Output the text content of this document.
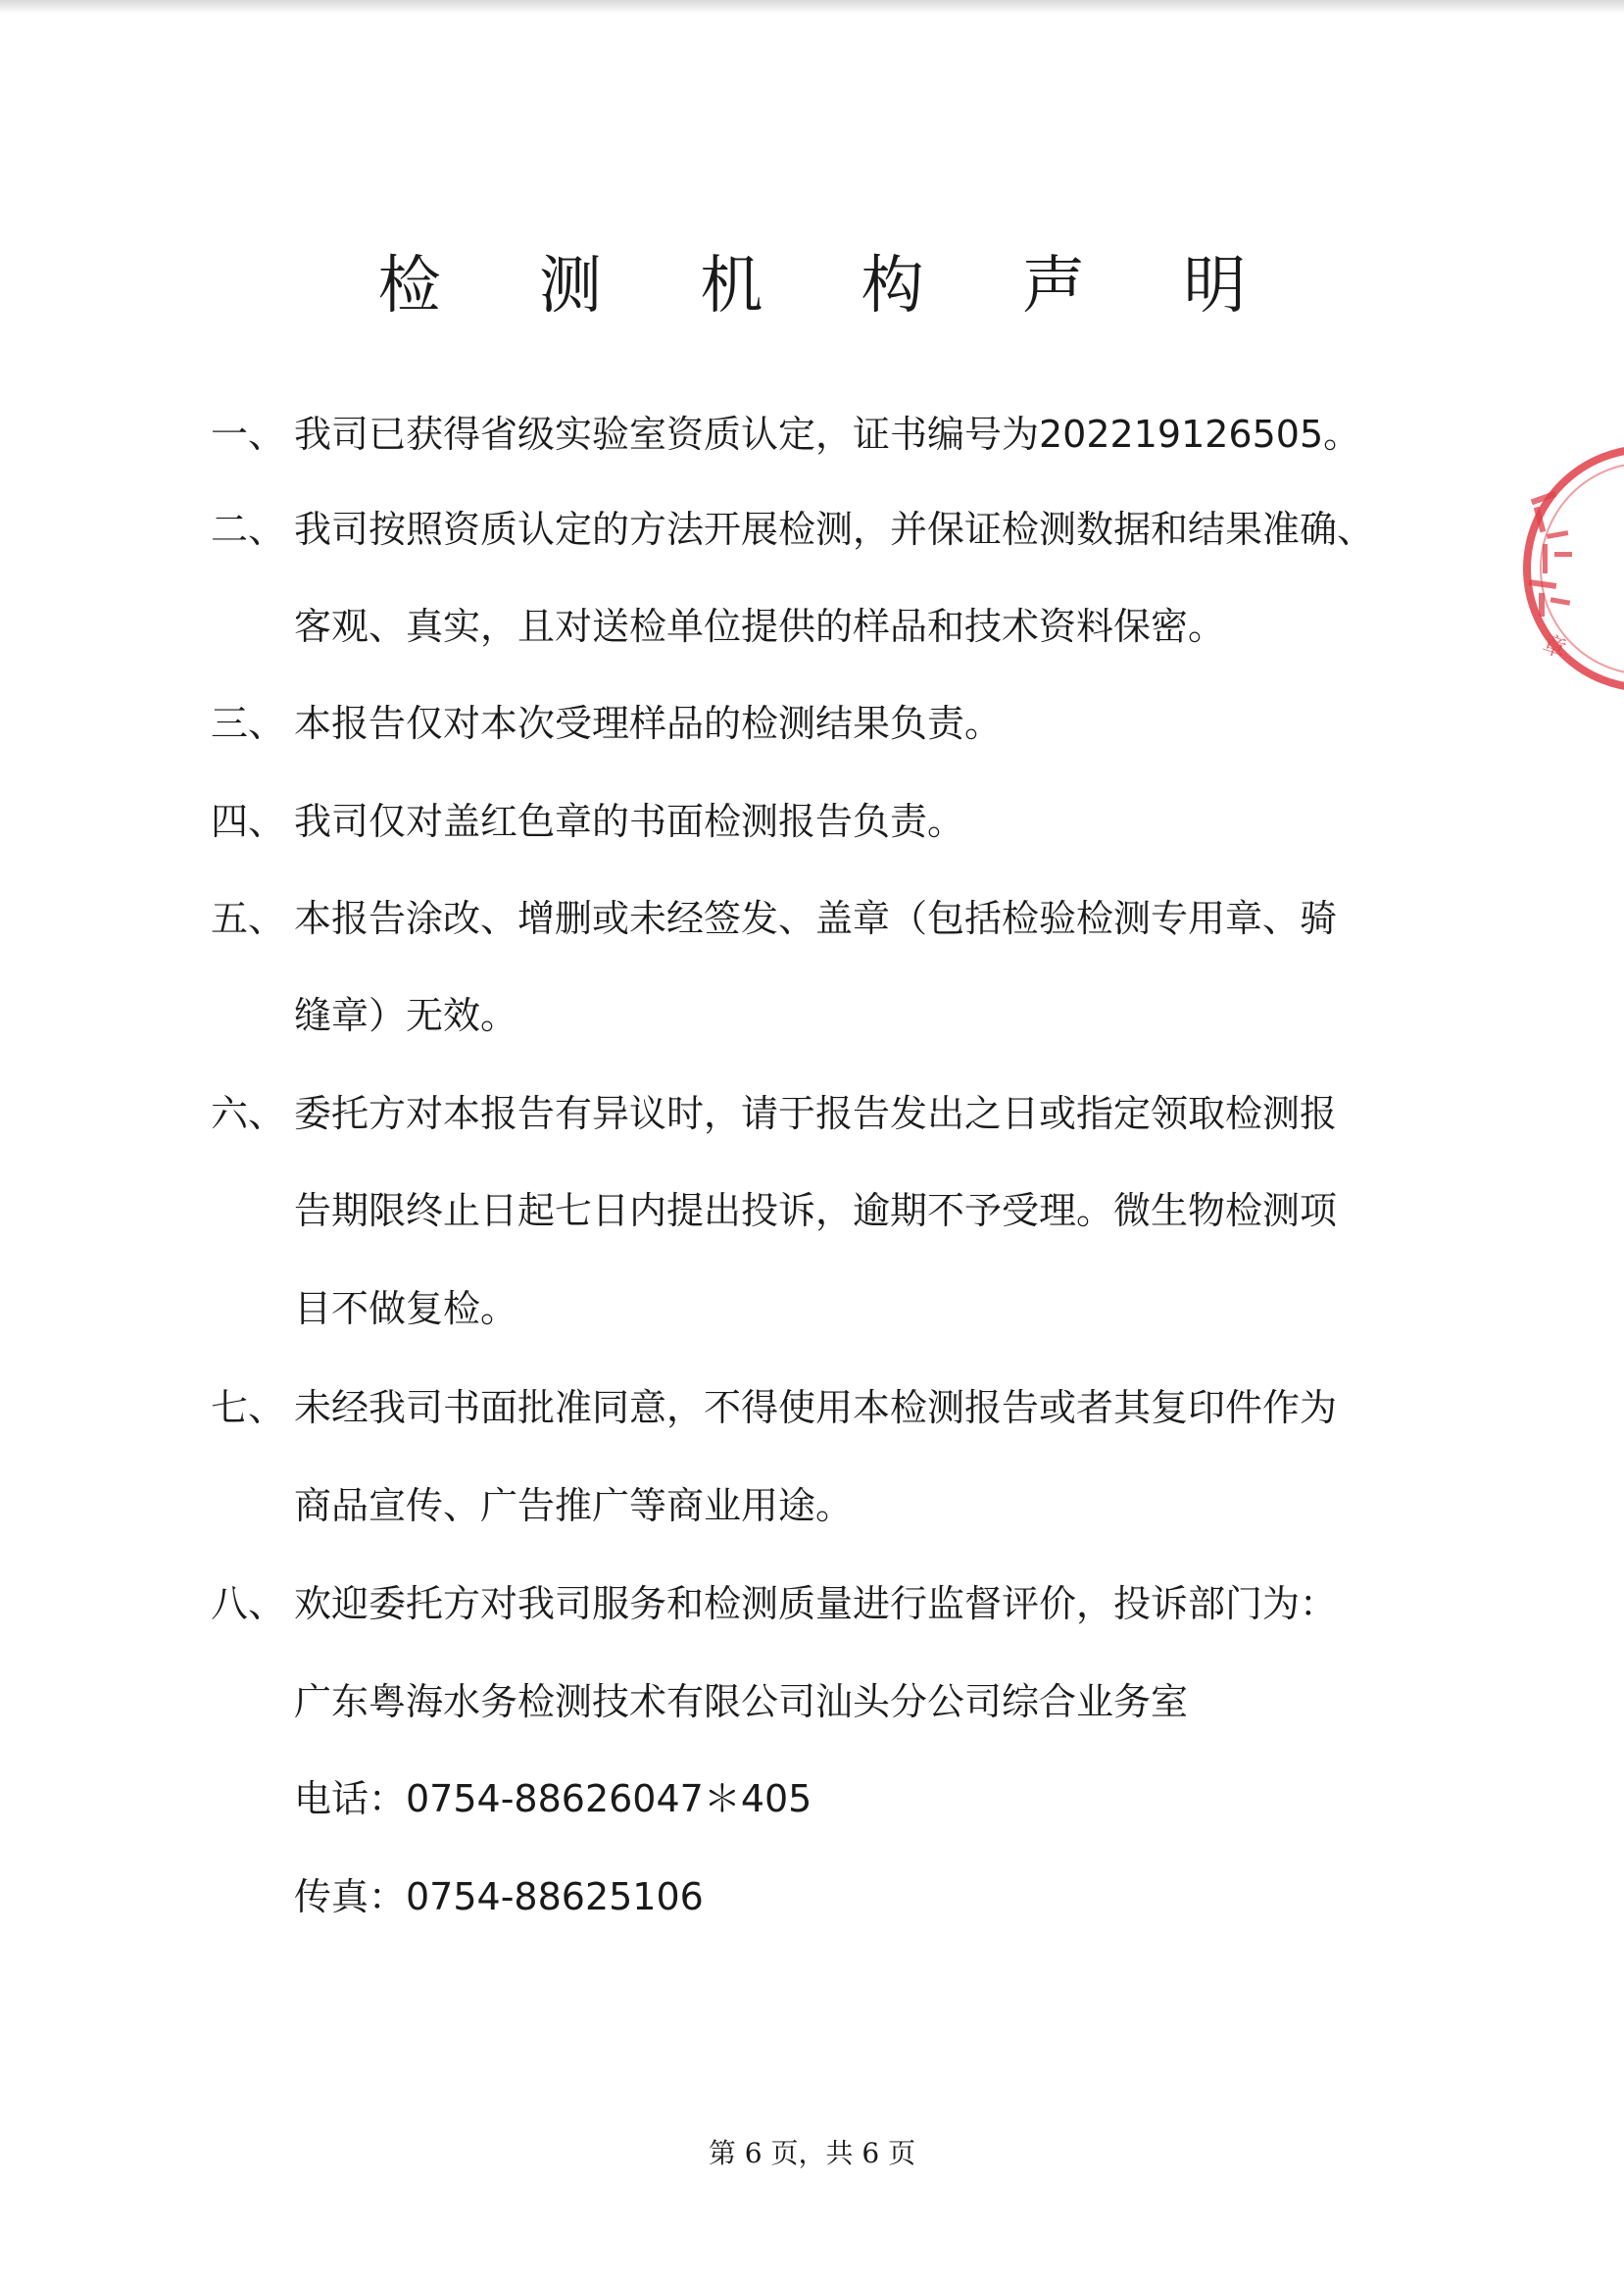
检 测 机 构 声 明
一、 我司已获得省级实验室资质认定，证书编号为202219126505。
二、 我司按照资质认定的方法开展检测，并保证检测数据和结果准确、
客观、真实，且对送检单位提供的样品和技术资料保密。
三、 本报告仅对本次受理样品的检测结果负责。
四、 我司仅对盖红色章的书面检测报告负责。
五、 本报告涂改、增删或未经签发、盖章（包括检验检测专用章、骑
缝章）无效。
六、 委托方对本报告有异议时，请于报告发出之日或指定领取检测报
告期限终止日起七日内提出投诉，逾期不予受理。微生物检测项
目不做复检。
七、 未经我司书面批准同意，不得使用本检测报告或者其复印件作为
商品宣传、广告推广等商业用途。
八、 欢迎委托方对我司服务和检测质量进行监督评价，投诉部门为：
广东粤海水务检测技术有限公司汕头分公司综合业务室
电话：0754-88626047＊405
传真：0754-88625106
第 6 页，共 6 页
章
